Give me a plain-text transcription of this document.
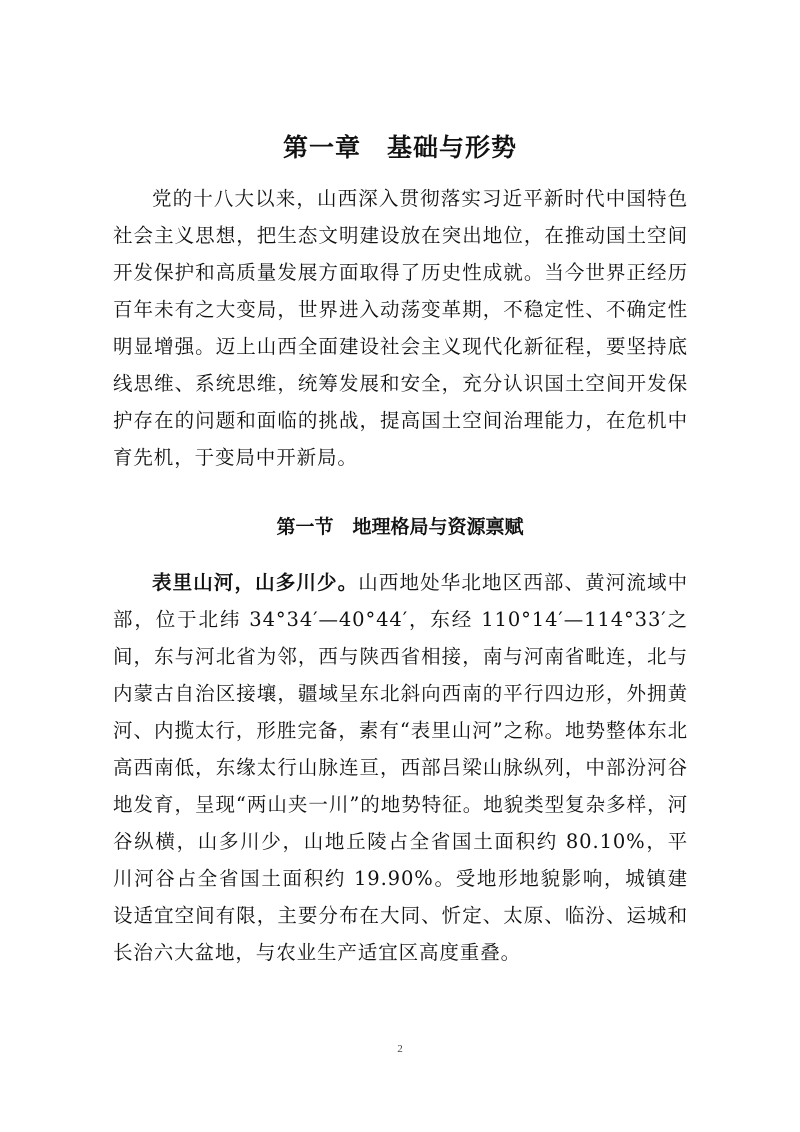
第一章　基础与形势

党的十八大以来，山西深入贯彻落实习近平新时代中国特色社会主义思想，把生态文明建设放在突出地位，在推动国土空间开发保护和高质量发展方面取得了历史性成就。当今世界正经历百年未有之大变局，世界进入动荡变革期，不稳定性、不确定性明显增强。迈上山西全面建设社会主义现代化新征程，要坚持底线思维、系统思维，统筹发展和安全，充分认识国土空间开发保护存在的问题和面临的挑战，提高国土空间治理能力，在危机中育先机，于变局中开新局。

第一节　地理格局与资源禀赋

表里山河，山多川少。山西地处华北地区西部、黄河流域中部，位于北纬 34°34′—40°44′，东经 110°14′—114°33′之间，东与河北省为邻，西与陕西省相接，南与河南省毗连，北与内蒙古自治区接壤，疆域呈东北斜向西南的平行四边形，外拥黄河、内揽太行，形胜完备，素有“表里山河”之称。地势整体东北高西南低，东缘太行山脉连亘，西部吕梁山脉纵列，中部汾河谷地发育，呈现“两山夹一川”的地势特征。地貌类型复杂多样，河谷纵横，山多川少，山地丘陵占全省国土面积约 80.10%，平川河谷占全省国土面积约 19.90%。受地形地貌影响，城镇建设适宜空间有限，主要分布在大同、忻定、太原、临汾、运城和长治六大盆地，与农业生产适宜区高度重叠。

2
